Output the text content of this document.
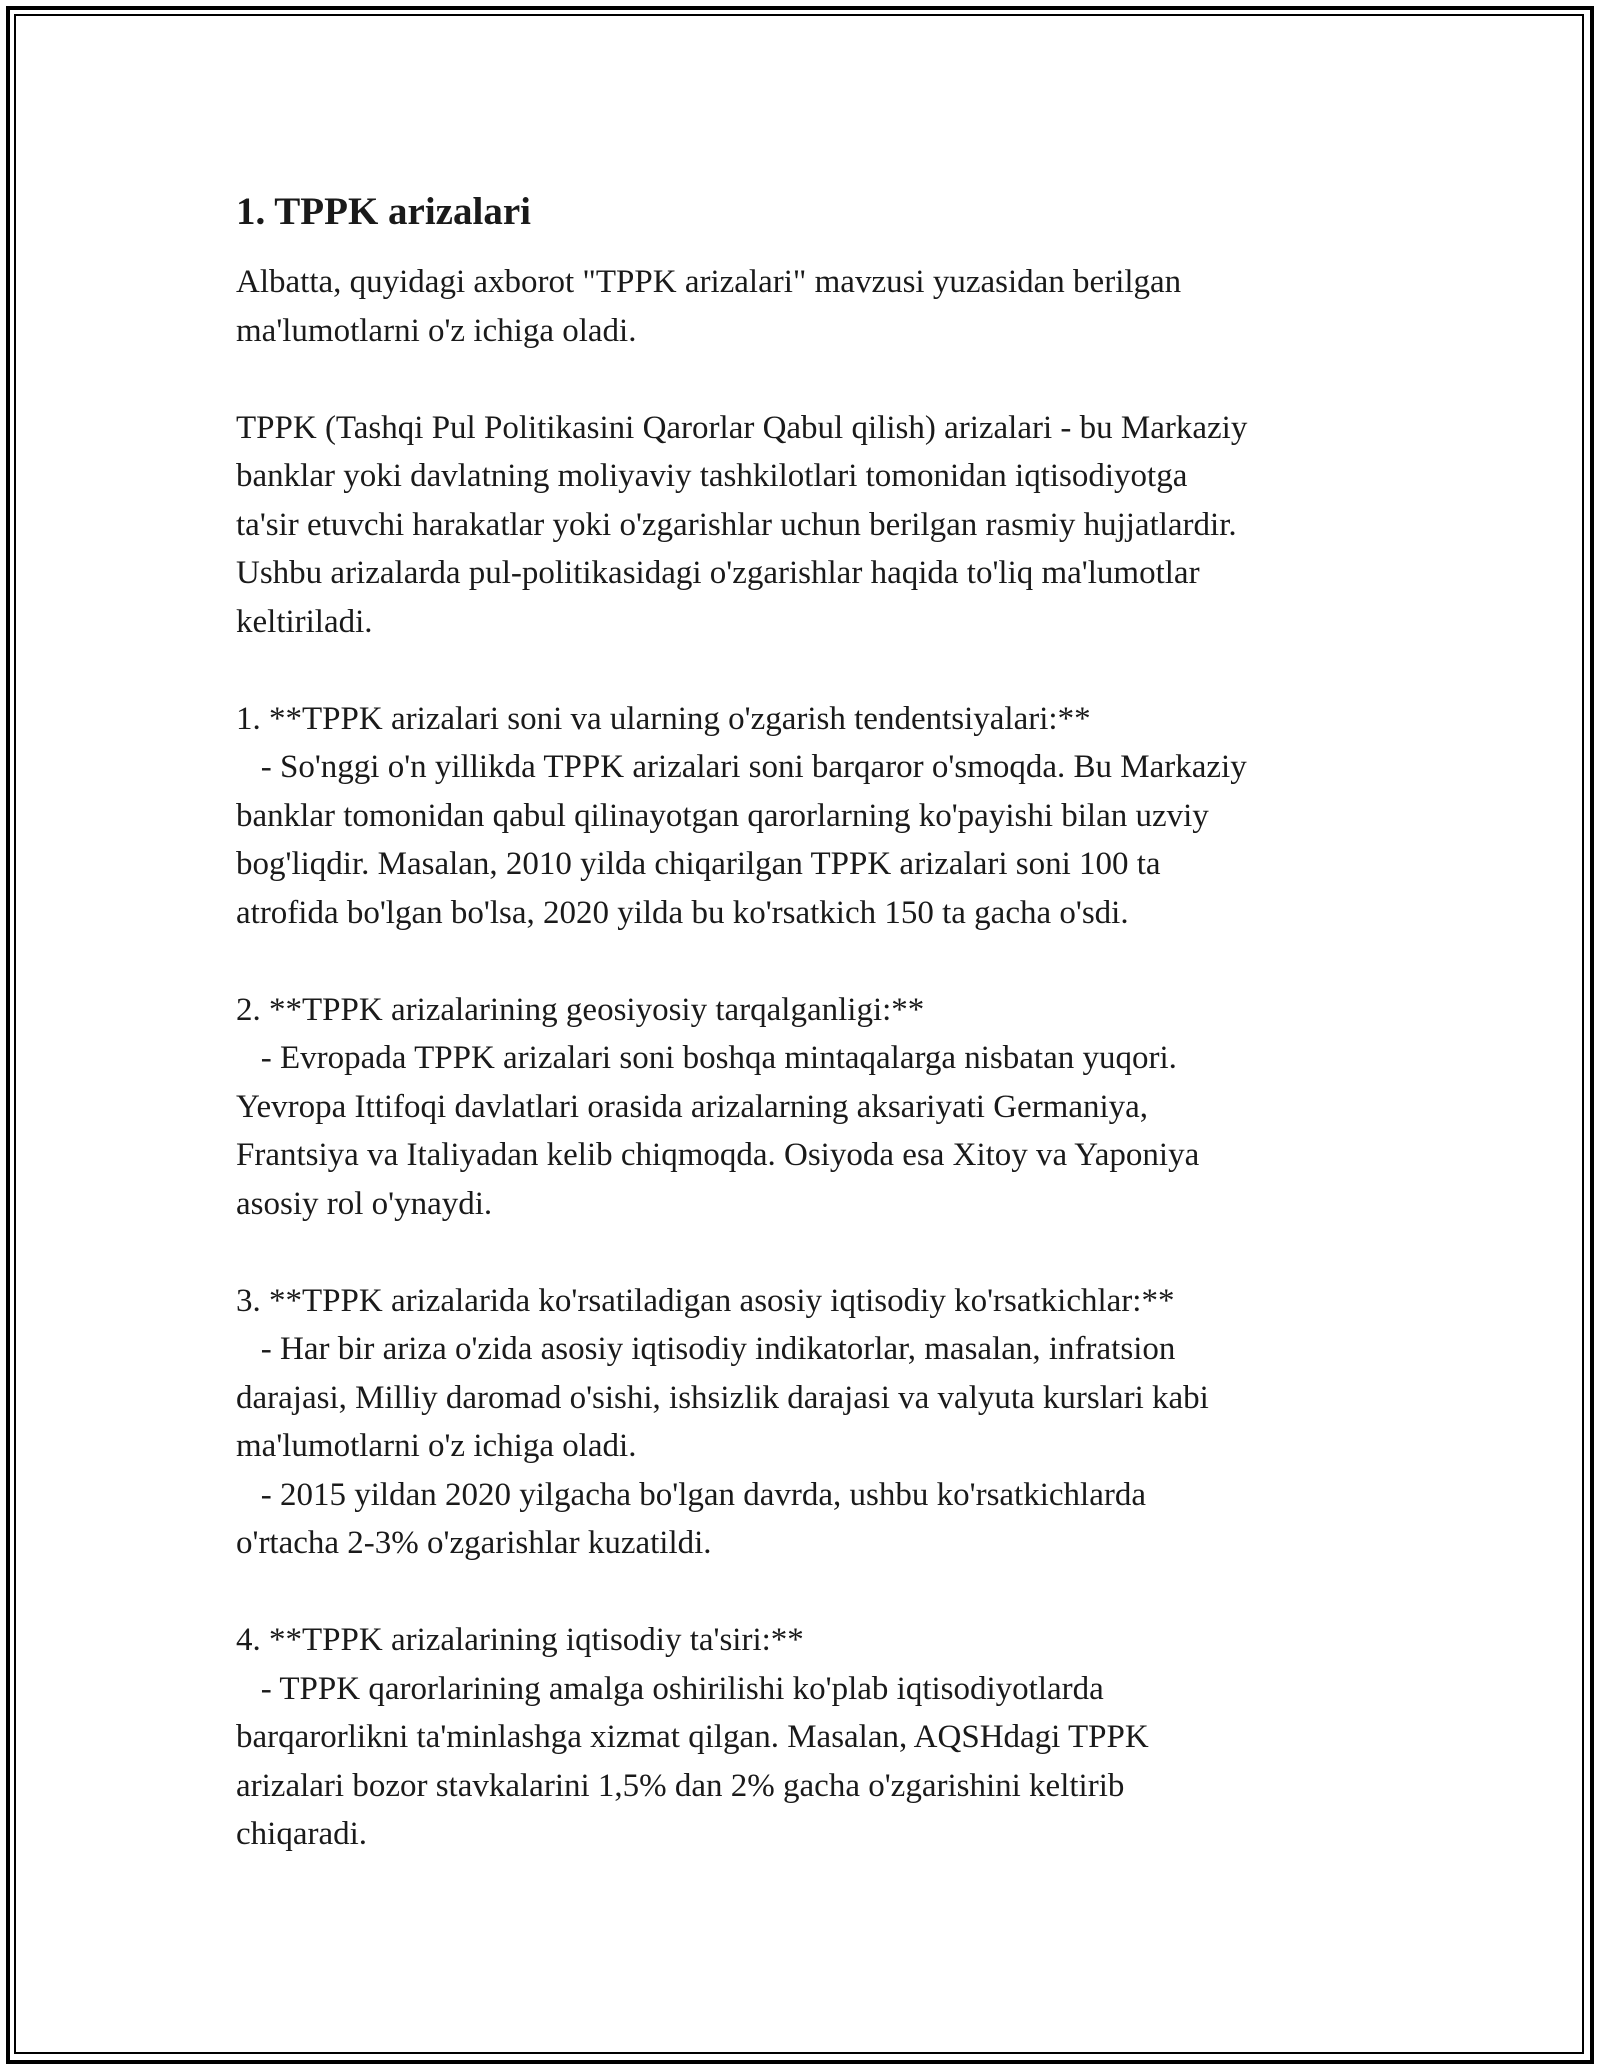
1. TPPK arizalari

Albatta, quyidagi axborot "TPPK arizalari" mavzusi yuzasidan berilgan
ma'lumotlarni o'z ichiga oladi.

TPPK (Tashqi Pul Politikasini Qarorlar Qabul qilish) arizalari - bu Markaziy
banklar yoki davlatning moliyaviy tashkilotlari tomonidan iqtisodiyotga
ta'sir etuvchi harakatlar yoki o'zgarishlar uchun berilgan rasmiy hujjatlardir.
Ushbu arizalarda pul-politikasidagi o'zgarishlar haqida to'liq ma'lumotlar
keltiriladi.

1. **TPPK arizalari soni va ularning o'zgarish tendentsiyalari:**
- So'nggi o'n yillikda TPPK arizalari soni barqaror o'smoqda. Bu Markaziy
banklar tomonidan qabul qilinayotgan qarorlarning ko'payishi bilan uzviy
bog'liqdir. Masalan, 2010 yilda chiqarilgan TPPK arizalari soni 100 ta
atrofida bo'lgan bo'lsa, 2020 yilda bu ko'rsatkich 150 ta gacha o'sdi.

2. **TPPK arizalarining geosiyosiy tarqalganligi:**
- Evropada TPPK arizalari soni boshqa mintaqalarga nisbatan yuqori.
Yevropa Ittifoqi davlatlari orasida arizalarning aksariyati Germaniya,
Frantsiya va Italiyadan kelib chiqmoqda. Osiyoda esa Xitoy va Yaponiya
asosiy rol o'ynaydi.

3. **TPPK arizalarida ko'rsatiladigan asosiy iqtisodiy ko'rsatkichlar:**
- Har bir ariza o'zida asosiy iqtisodiy indikatorlar, masalan, infratsion
darajasi, Milliy daromad o'sishi, ishsizlik darajasi va valyuta kurslari kabi
ma'lumotlarni o'z ichiga oladi.
- 2015 yildan 2020 yilgacha bo'lgan davrda, ushbu ko'rsatkichlarda
o'rtacha 2-3% o'zgarishlar kuzatildi.

4. **TPPK arizalarining iqtisodiy ta'siri:**
- TPPK qarorlarining amalga oshirilishi ko'plab iqtisodiyotlarda
barqarorlikni ta'minlashga xizmat qilgan. Masalan, AQSHdagi TPPK
arizalari bozor stavkalarini 1,5% dan 2% gacha o'zgarishini keltirib
chiqaradi.
